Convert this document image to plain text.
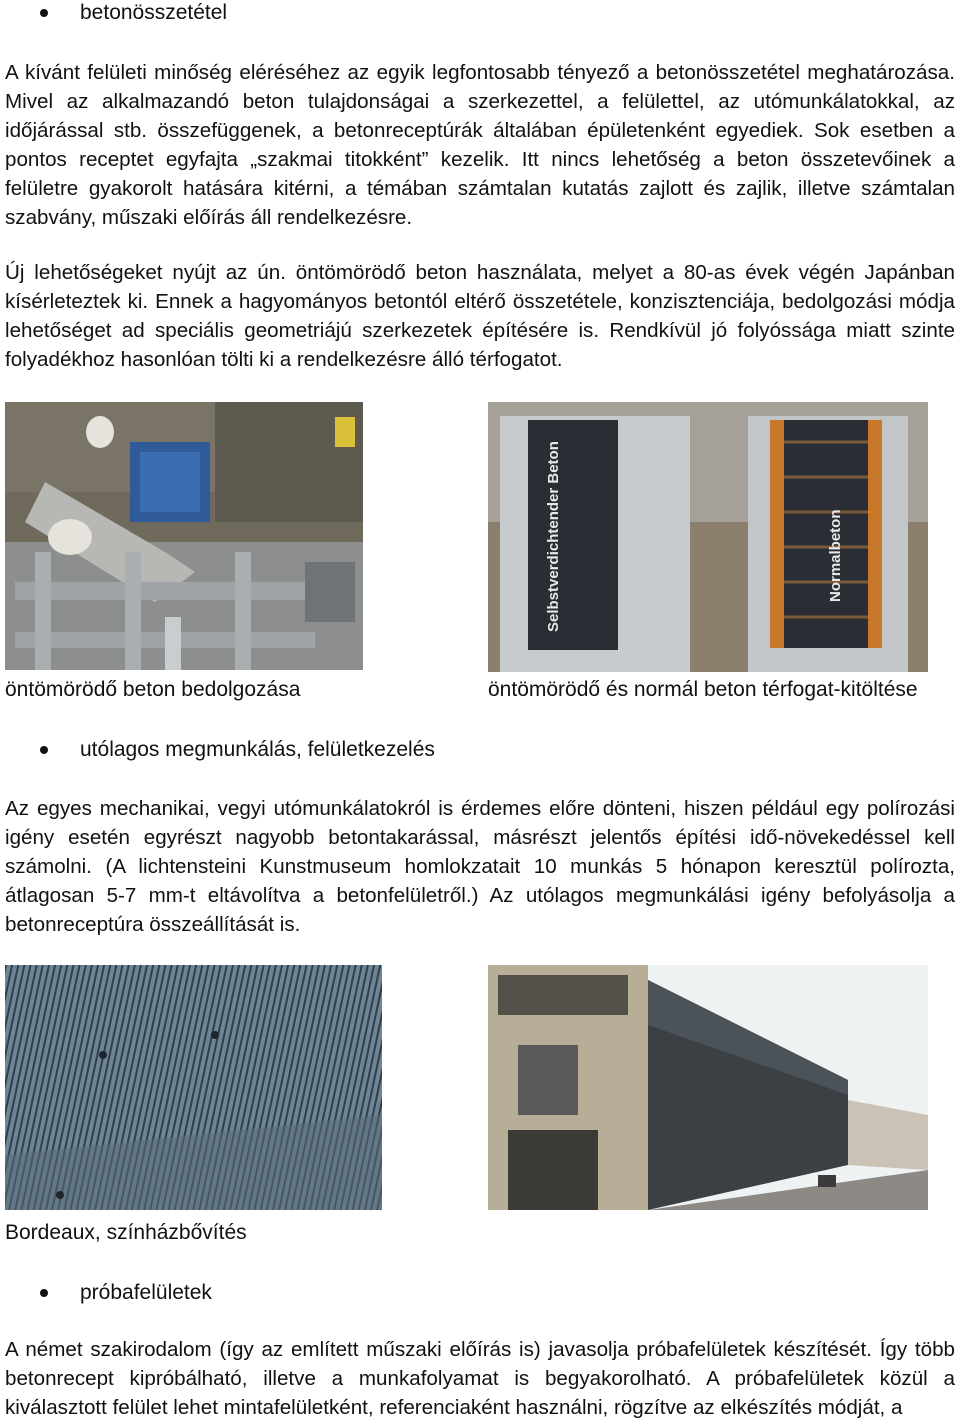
betonösszetétel
A kívánt felületi minőség eléréséhez az egyik legfontosabb tényező a betonösszetétel meghatározása. Mivel az alkalmazandó beton tulajdonságai a szerkezettel, a felülettel, az utómunkálatokkal, az időjárással stb. összefüggenek, a betonreceptúrák általában épületenként egyediek. Sok esetben a pontos receptet egyfajta „szakmai titokként” kezelik. Itt nincs lehetőség a beton összetevőinek a felületre gyakorolt hatására kitérni, a témában számtalan kutatás zajlott és zajlik, illetve számtalan szabvány, műszaki előírás áll rendelkezésre.
Új lehetőségeket nyújt az ún. öntömörödő beton használata, melyet a 80-as évek végén Japánban kísérleteztek ki. Ennek a hagyományos betontól eltérő összetétele, konzisztenciája, bedolgozási módja lehetőséget ad speciális geometriájú szerkezetek építésére is. Rendkívül jó folyóssága miatt szinte folyadékhoz hasonlóan tölti ki a rendelkezésre álló térfogatot.
Selbstverdichtender Beton	Normalbeton
öntömörödő beton bedolgozása	öntömörödő és normál beton térfogat-kitöltése
utólagos megmunkálás, felületkezelés
Az egyes mechanikai, vegyi utómunkálatokról is érdemes előre dönteni, hiszen például egy polírozási igény esetén egyrészt nagyobb betontakarással, másrészt jelentős építési idő-növekedéssel kell számolni. (A lichtensteini Kunstmuseum homlokzatait 10 munkás 5 hónapon keresztül polírozta, átlagosan 5-7 mm-t eltávolítva a betonfelületről.) Az utólagos megmunkálási igény befolyásolja a betonreceptúra összeállítását is.
Bordeaux, színházbővítés
próbafelületek
A német szakirodalom (így az említett műszaki előírás is) javasolja próbafelületek készítését. Így több betonrecept kipróbálható, illetve a munkafolyamat is begyakorolható. A próbafelületek közül a kiválasztott felület lehet mintafelületként, referenciaként használni, rögzítve az elkészítés módját, a
